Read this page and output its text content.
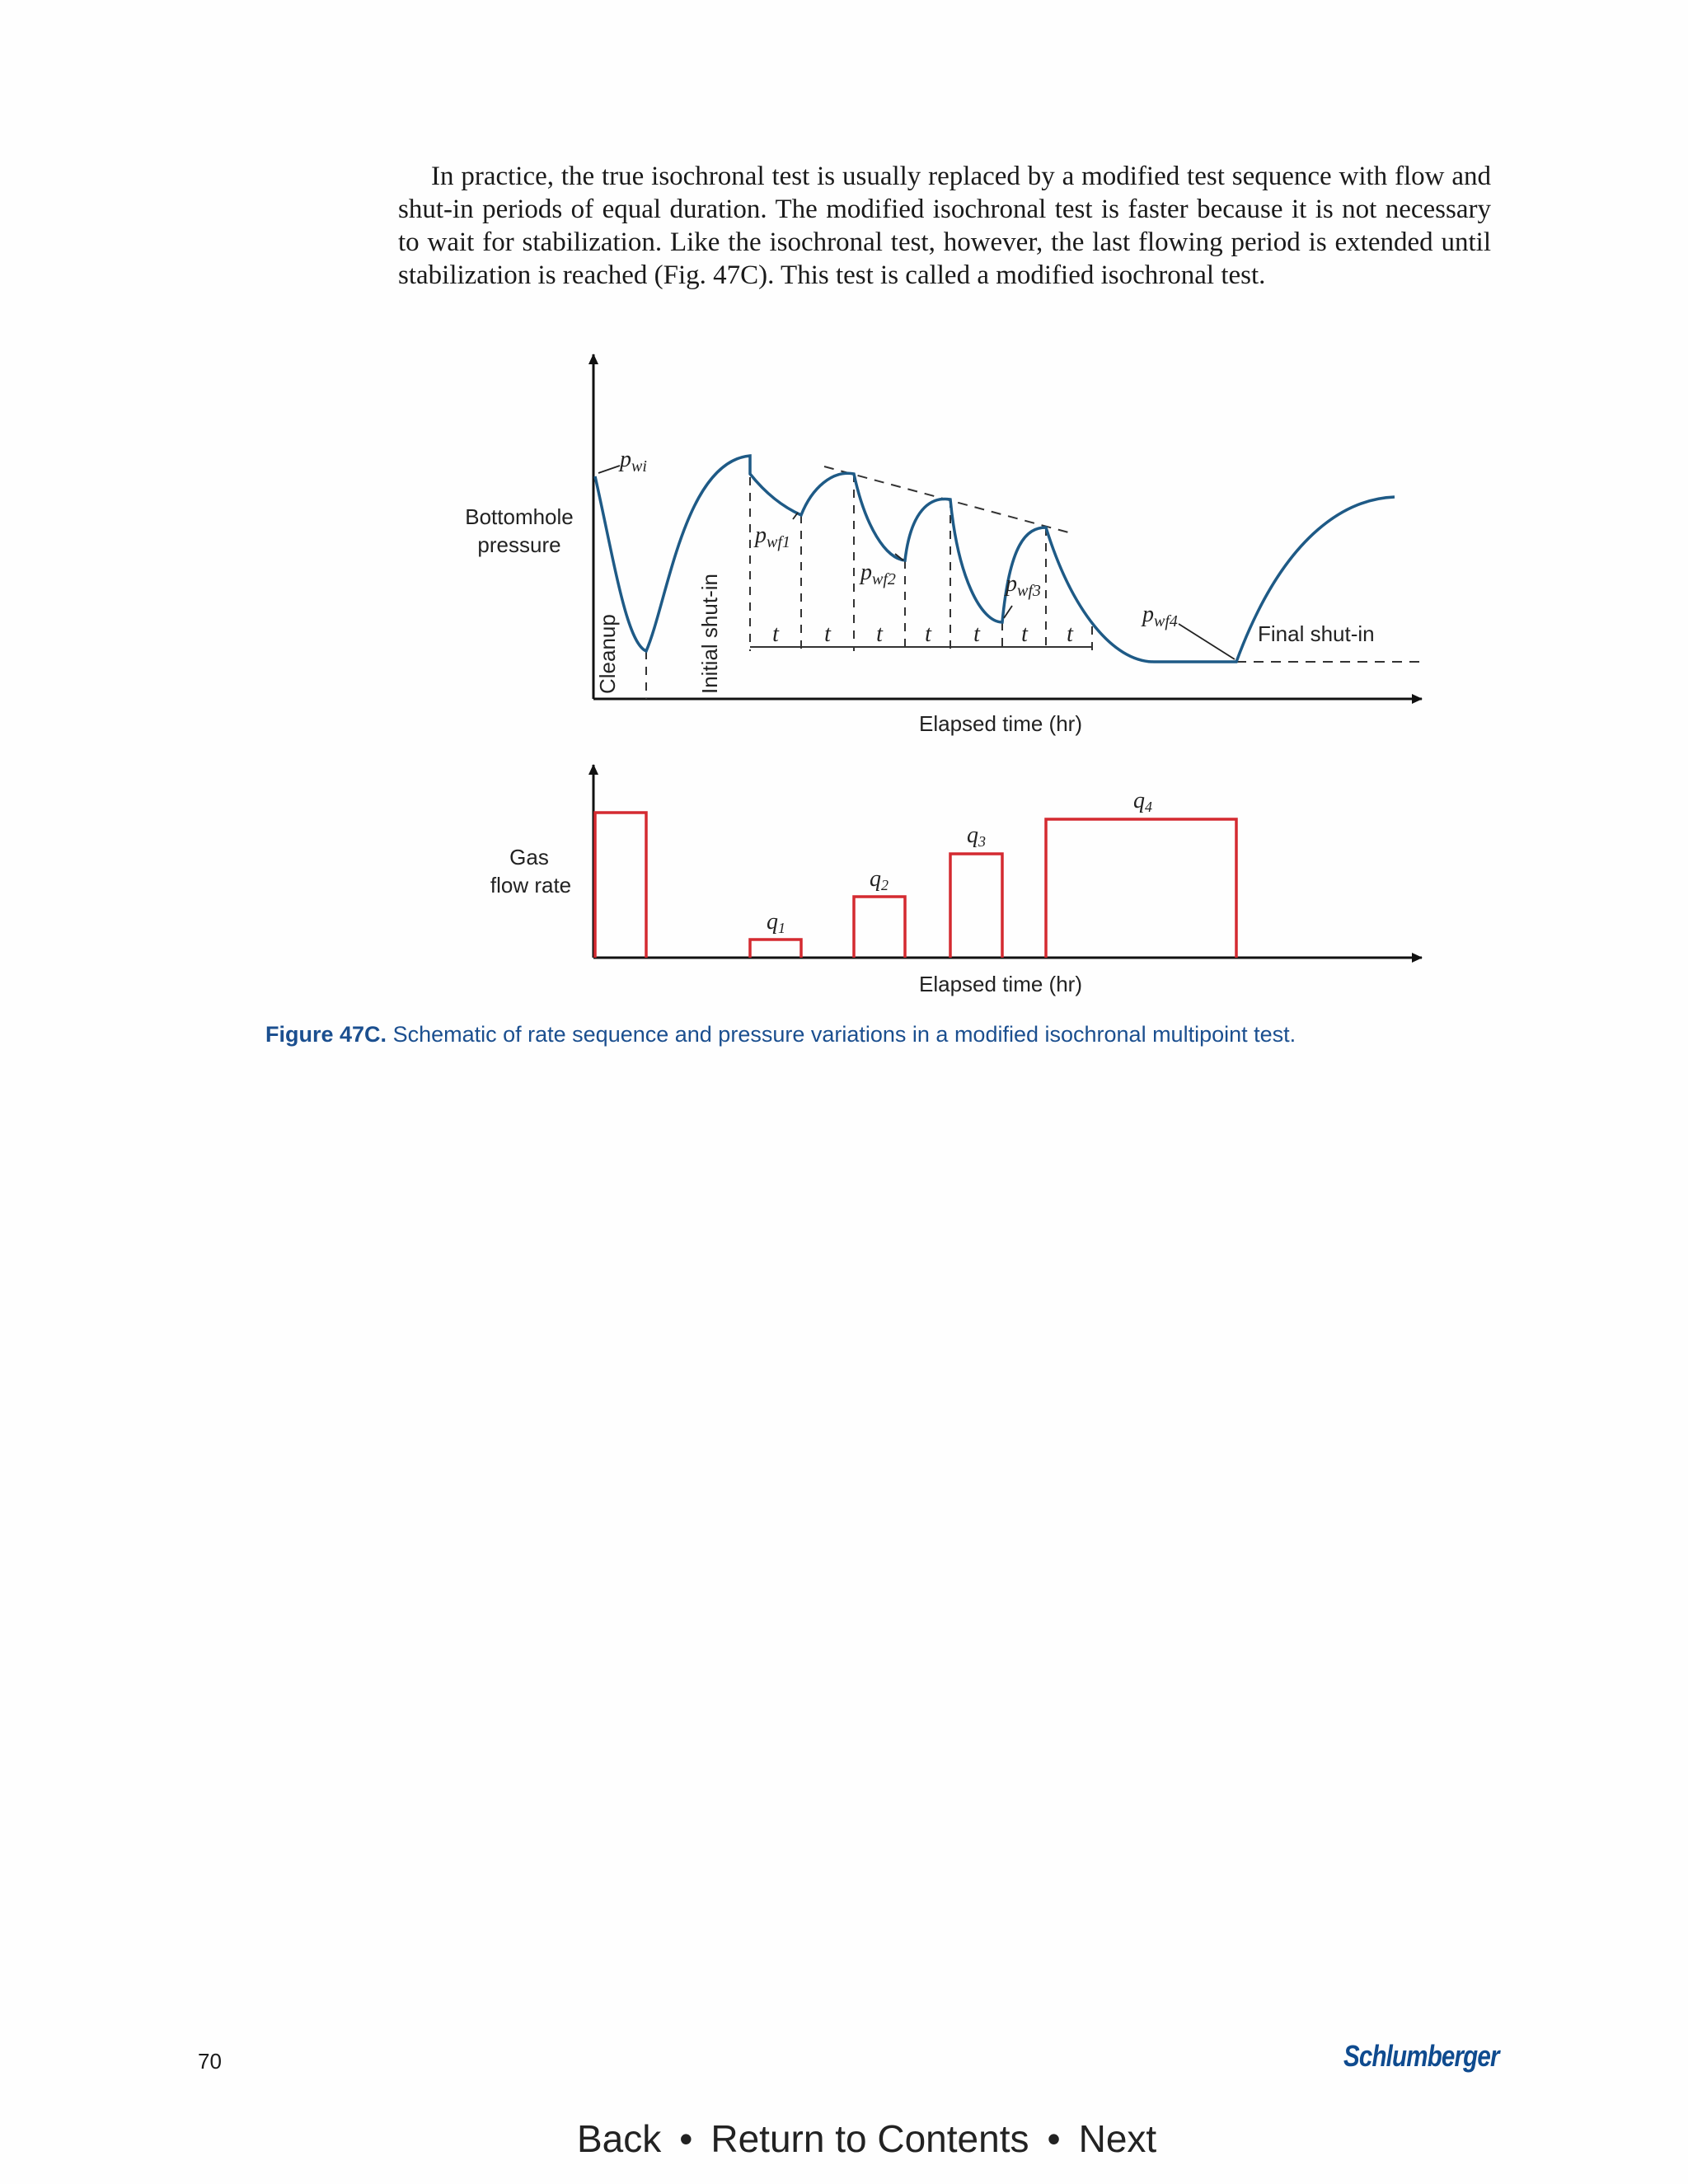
In practice, the true isochronal test is usually replaced by a modified test sequence with flow and shut-in periods of equal duration. The modified isochronal test is faster because it is not necessary to wait for stabilization. Like the isochronal test, however, the last flowing period is extended until stabilization is reached (Fig. 47C). This test is called a modified isochronal test.

Bottomhole
pressure
Elapsed time (hr)
Cleanup	Initial shut-in t t t t t t t
$p_{wi}$
$p_{wf1}$
$p_{wf2}$	$p_{wf3}$
$p_{wf4}$	Final shut-in
Gas
flow rate
Elapsed time (hr)
q1
q2
q3
q4

Figure 47C. Schematic of rate sequence and pressure variations in a modified isochronal multipoint test.

70	Schlumberger
Back • Return to Contents • Next
